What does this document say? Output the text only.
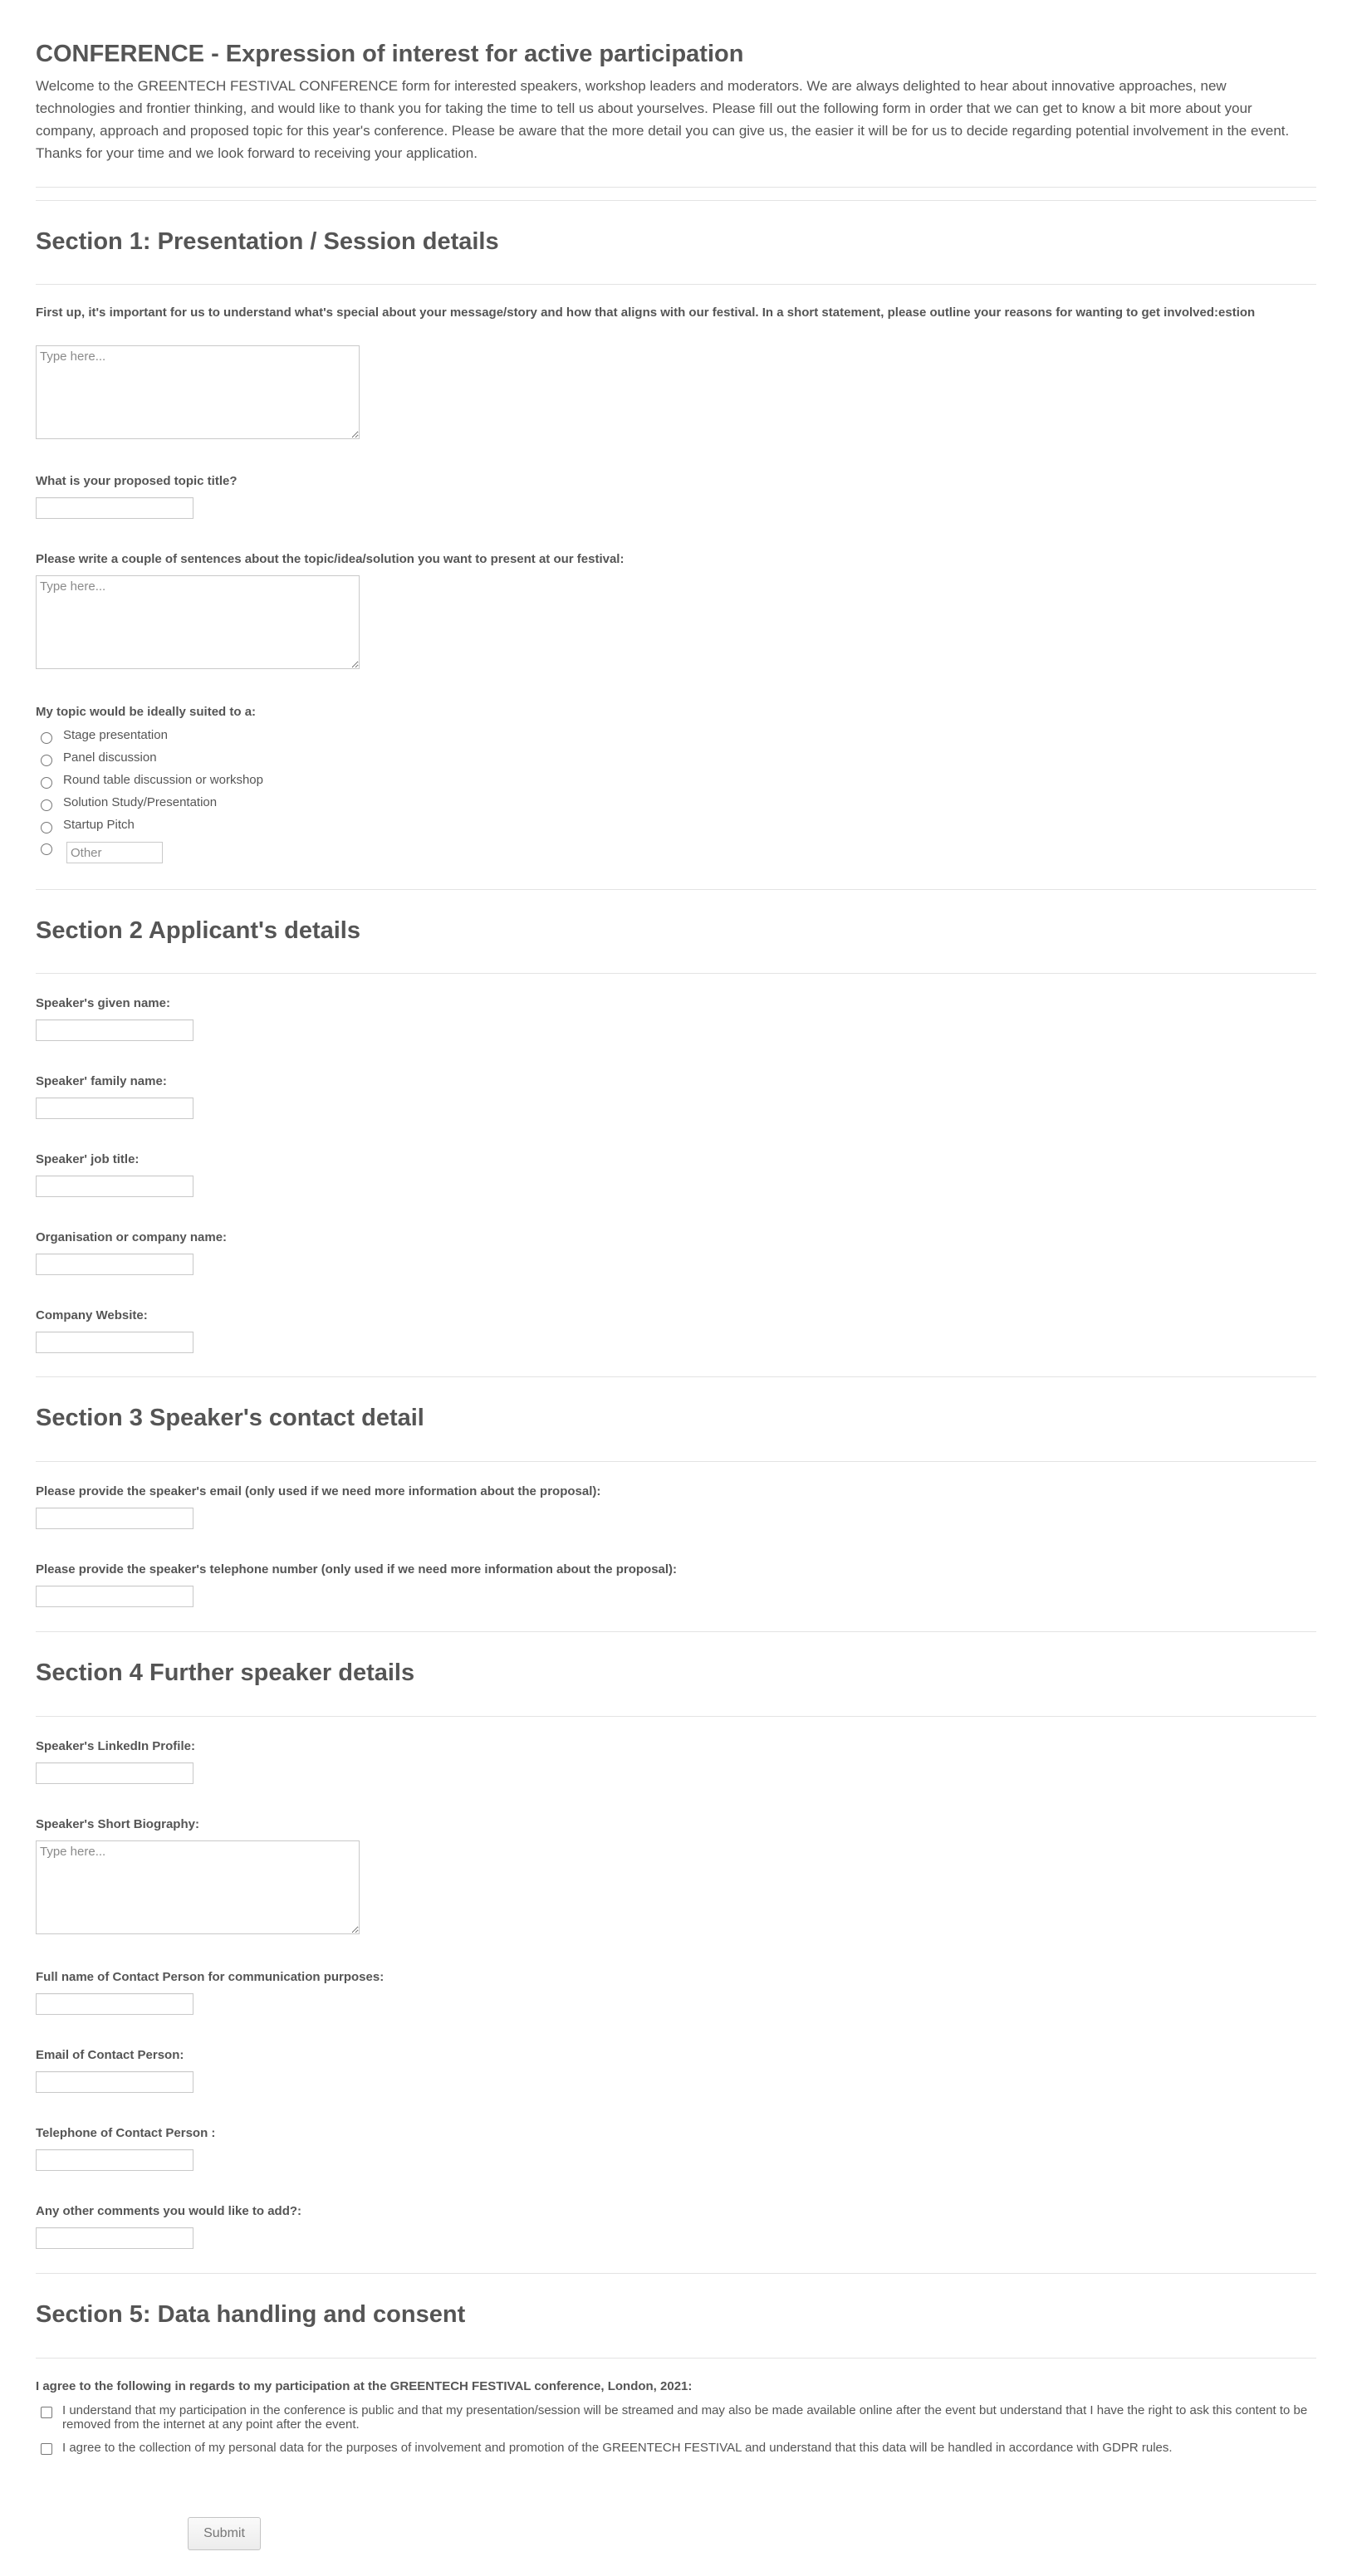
CONFERENCE - Expression of interest for active participation

Welcome to the GREENTECH FESTIVAL CONFERENCE form for interested speakers, workshop leaders and moderators. We are always delighted to hear about innovative approaches, new technologies and frontier thinking, and would like to thank you for taking the time to tell us about yourselves. Please fill out the following form in order that we can get to know a bit more about your company, approach and proposed topic for this year's conference. Please be aware that the more detail you can give us, the easier it will be for us to decide regarding potential involvement in the event. Thanks for your time and we look forward to receiving your application.

Section 1: Presentation / Session details
First up, it's important for us to understand what's special about your message/story and how that aligns with our festival. In a short statement, please outline your reasons for wanting to get involved:estion
Type here...
What is your proposed topic title?
Please write a couple of sentences about the topic/idea/solution you want to present at our festival:
Type here...
My topic would be ideally suited to a:
Stage presentation
Panel discussion
Round table discussion or workshop
Solution Study/Presentation
Startup Pitch
Other
Section 2 Applicant's details
Speaker's given name:
Speaker' family name:
Speaker' job title:
Organisation or company name:
Company Website:
Section 3 Speaker's contact detail
Please provide the speaker's email (only used if we need more information about the proposal):
Please provide the speaker's telephone number (only used if we need more information about the proposal):
Section 4 Further speaker details
Speaker's LinkedIn Profile:
Speaker's Short Biography:
Type here...
Full name of Contact Person for communication purposes:
Email of Contact Person:
Telephone of Contact Person :
Any other comments you would like to add?:
Section 5: Data handling and consent
I agree to the following in regards to my participation at the GREENTECH FESTIVAL conference, London, 2021:
I understand that my participation in the conference is public and that my presentation/session will be streamed and may also be made available online after the event but understand that I have the right to ask this content to be removed from the internet at any point after the event.
I agree to the collection of my personal data for the purposes of involvement and promotion of the GREENTECH FESTIVAL and understand that this data will be handled in accordance with GDPR rules.
Submit
